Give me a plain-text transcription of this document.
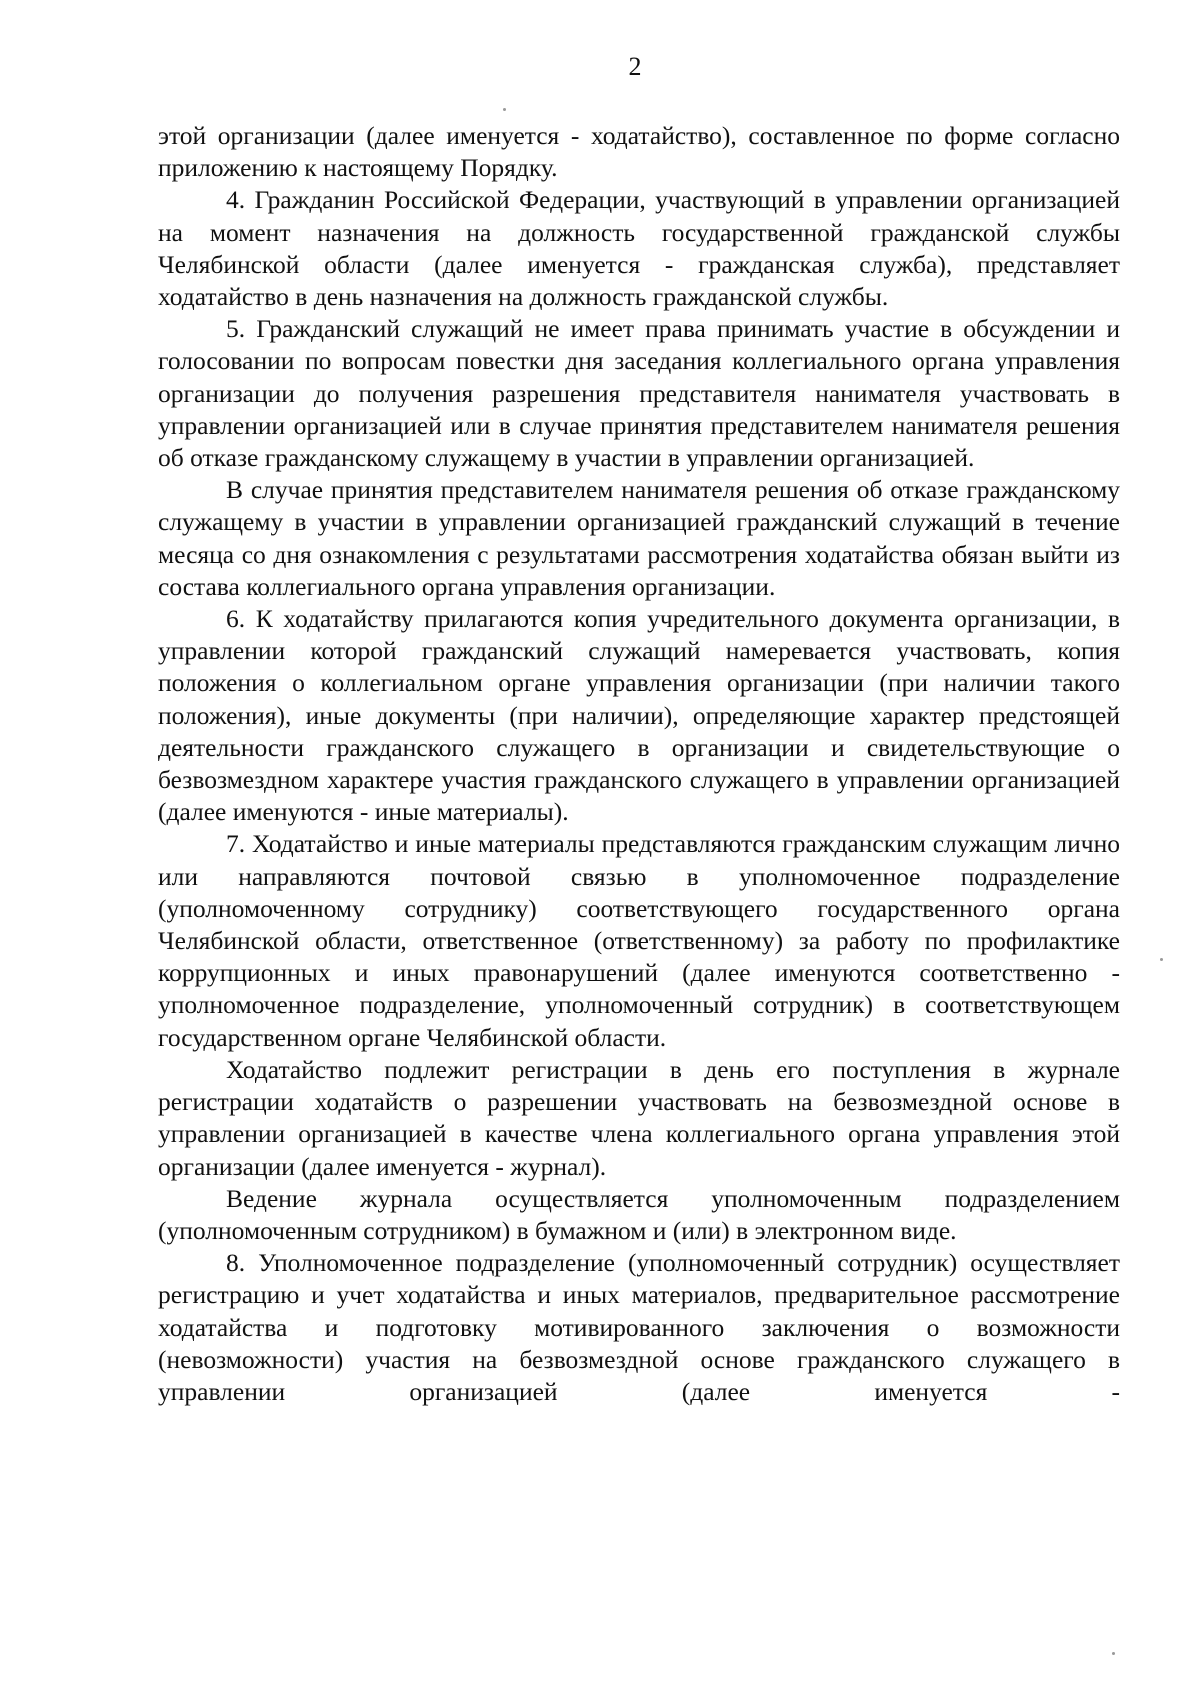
2

этой организации (далее именуется - ходатайство), составленное по форме согласно приложению к настоящему Порядку.

4. Гражданин Российской Федерации, участвующий в управлении организацией на момент назначения на должность государственной гражданской службы Челябинской области (далее именуется - гражданская служба), представляет ходатайство в день назначения на должность гражданской службы.

5. Гражданский служащий не имеет права принимать участие в обсуждении и голосовании по вопросам повестки дня заседания коллегиального органа управления организации до получения разрешения представителя нанимателя участвовать в управлении организацией или в случае принятия представителем нанимателя решения об отказе гражданскому служащему в участии в управлении организацией.

В случае принятия представителем нанимателя решения об отказе гражданскому служащему в участии в управлении организацией гражданский служащий в течение месяца со дня ознакомления с результатами рассмотрения ходатайства обязан выйти из состава коллегиального органа управления организации.

6. К ходатайству прилагаются копия учредительного документа организации, в управлении которой гражданский служащий намеревается участвовать, копия положения о коллегиальном органе управления организации (при наличии такого положения), иные документы (при наличии), определяющие характер предстоящей деятельности гражданского служащего в организации и свидетельствующие о безвозмездном характере участия гражданского служащего в управлении организацией (далее именуются - иные материалы).

7. Ходатайство и иные материалы представляются гражданским служащим лично или направляются почтовой связью в уполномоченное подразделение (уполномоченному сотруднику) соответствующего государственного органа Челябинской области, ответственное (ответственному) за работу по профилактике коррупционных и иных правонарушений (далее именуются соответственно - уполномоченное подразделение, уполномоченный сотрудник) в соответствующем государственном органе Челябинской области.

Ходатайство подлежит регистрации в день его поступления в журнале регистрации ходатайств о разрешении участвовать на безвозмездной основе в управлении организацией в качестве члена коллегиального органа управления этой организации (далее именуется - журнал).

Ведение журнала осуществляется уполномоченным подразделением (уполномоченным сотрудником) в бумажном и (или) в электронном виде.

8. Уполномоченное подразделение (уполномоченный сотрудник) осуществляет регистрацию и учет ходатайства и иных материалов, предварительное рассмотрение ходатайства и подготовку мотивированного заключения о возможности (невозможности) участия на безвозмездной основе гражданского служащего в управлении организацией (далее именуется -
